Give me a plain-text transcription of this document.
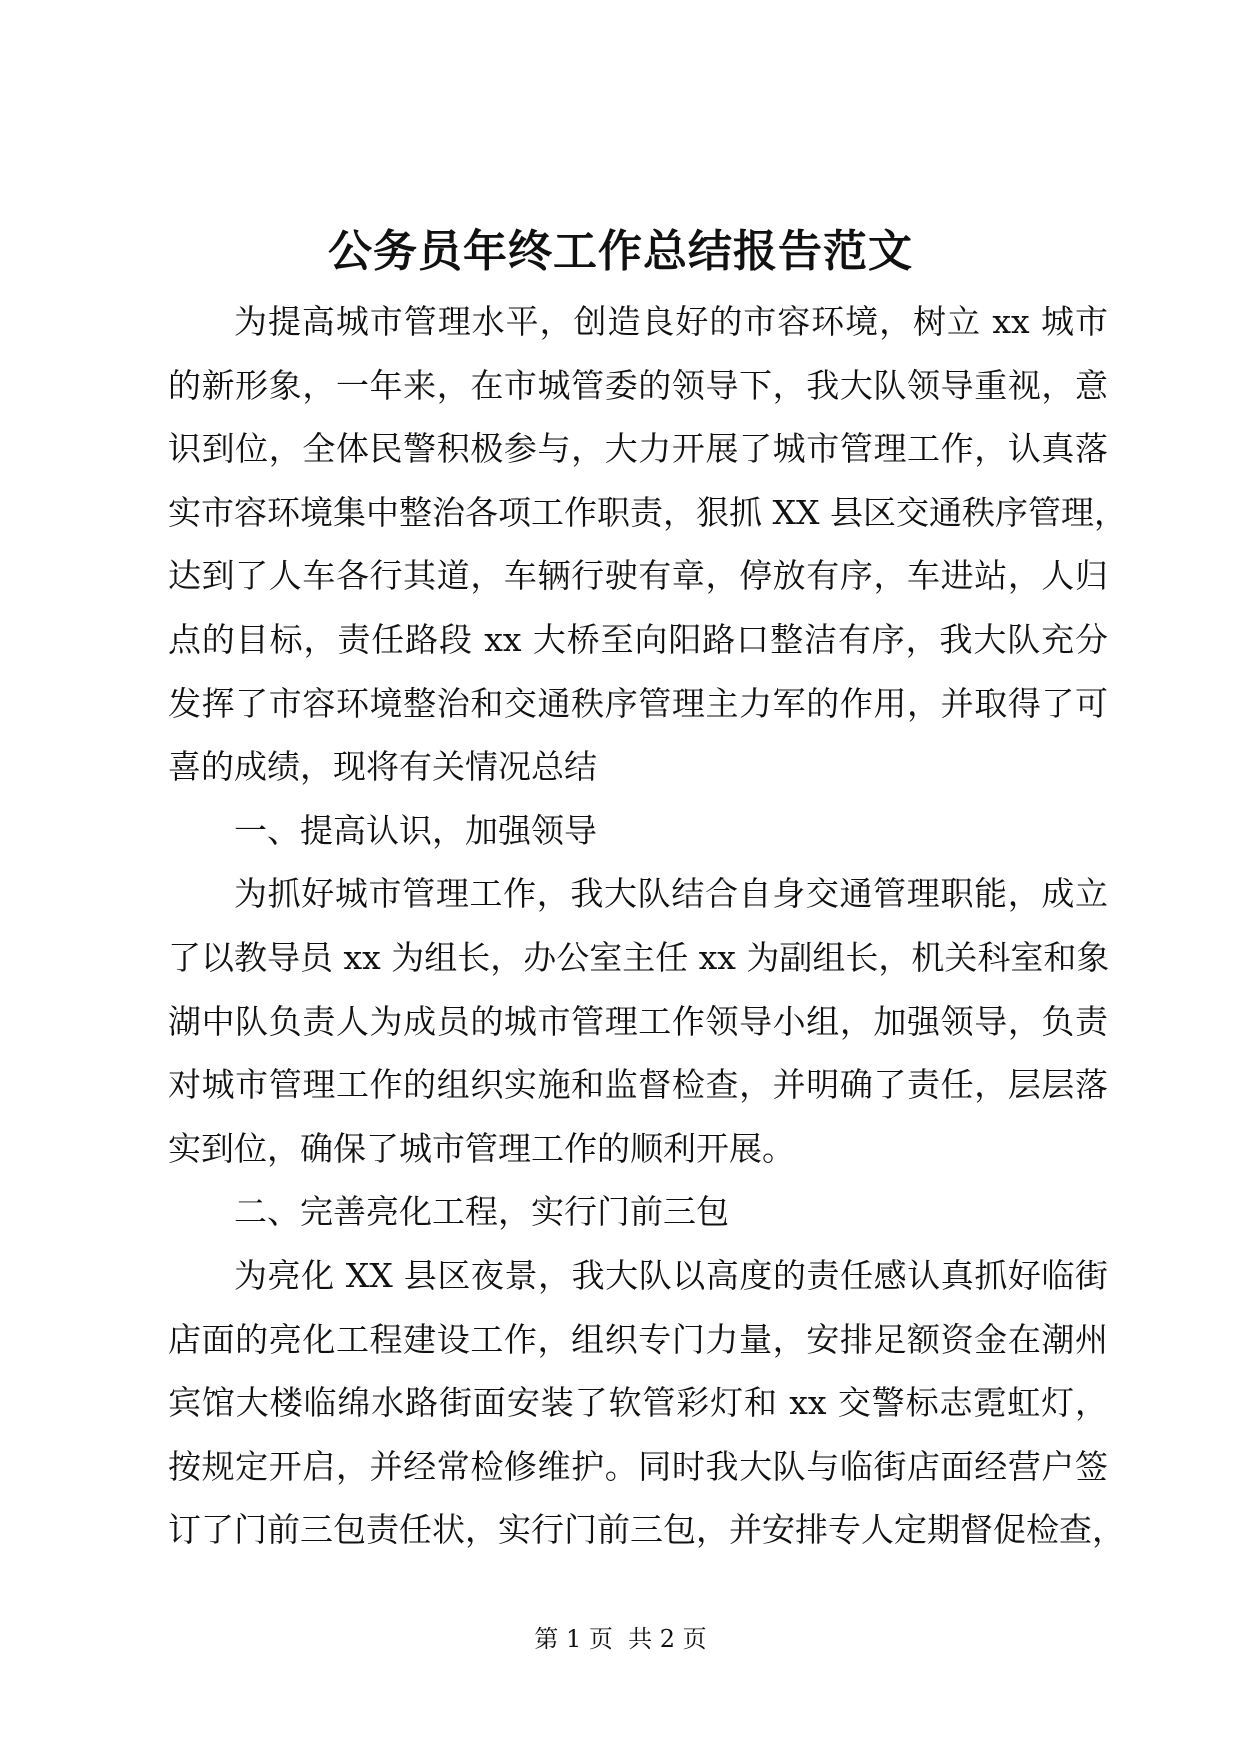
公务员年终工作总结报告范文
为提高城市管理水平，创造良好的市容环境，树立 xx 城市
的新形象，一年来，在市城管委的领导下，我大队领导重视，意
识到位，全体民警积极参与，大力开展了城市管理工作，认真落
实市容环境集中整治各项工作职责，狠抓 XX 县区交通秩序管理，
达到了人车各行其道，车辆行驶有章，停放有序，车进站，人归
点的目标，责任路段 xx 大桥至向阳路口整洁有序，我大队充分
发挥了市容环境整治和交通秩序管理主力军的作用，并取得了可
喜的成绩，现将有关情况总结
一、提高认识，加强领导
为抓好城市管理工作，我大队结合自身交通管理职能，成立
了以教导员 xx 为组长，办公室主任 xx 为副组长，机关科室和象
湖中队负责人为成员的城市管理工作领导小组，加强领导，负责
对城市管理工作的组织实施和监督检查，并明确了责任，层层落
实到位，确保了城市管理工作的顺利开展。
二、完善亮化工程，实行门前三包
为亮化 XX 县区夜景，我大队以高度的责任感认真抓好临街
店面的亮化工程建设工作，组织专门力量，安排足额资金在潮州
宾馆大楼临绵水路街面安装了软管彩灯和 xx 交警标志霓虹灯，
按规定开启，并经常检修维护。同时我大队与临街店面经营户签
订了门前三包责任状，实行门前三包，并安排专人定期督促检查，
第 1 页  共 2 页
